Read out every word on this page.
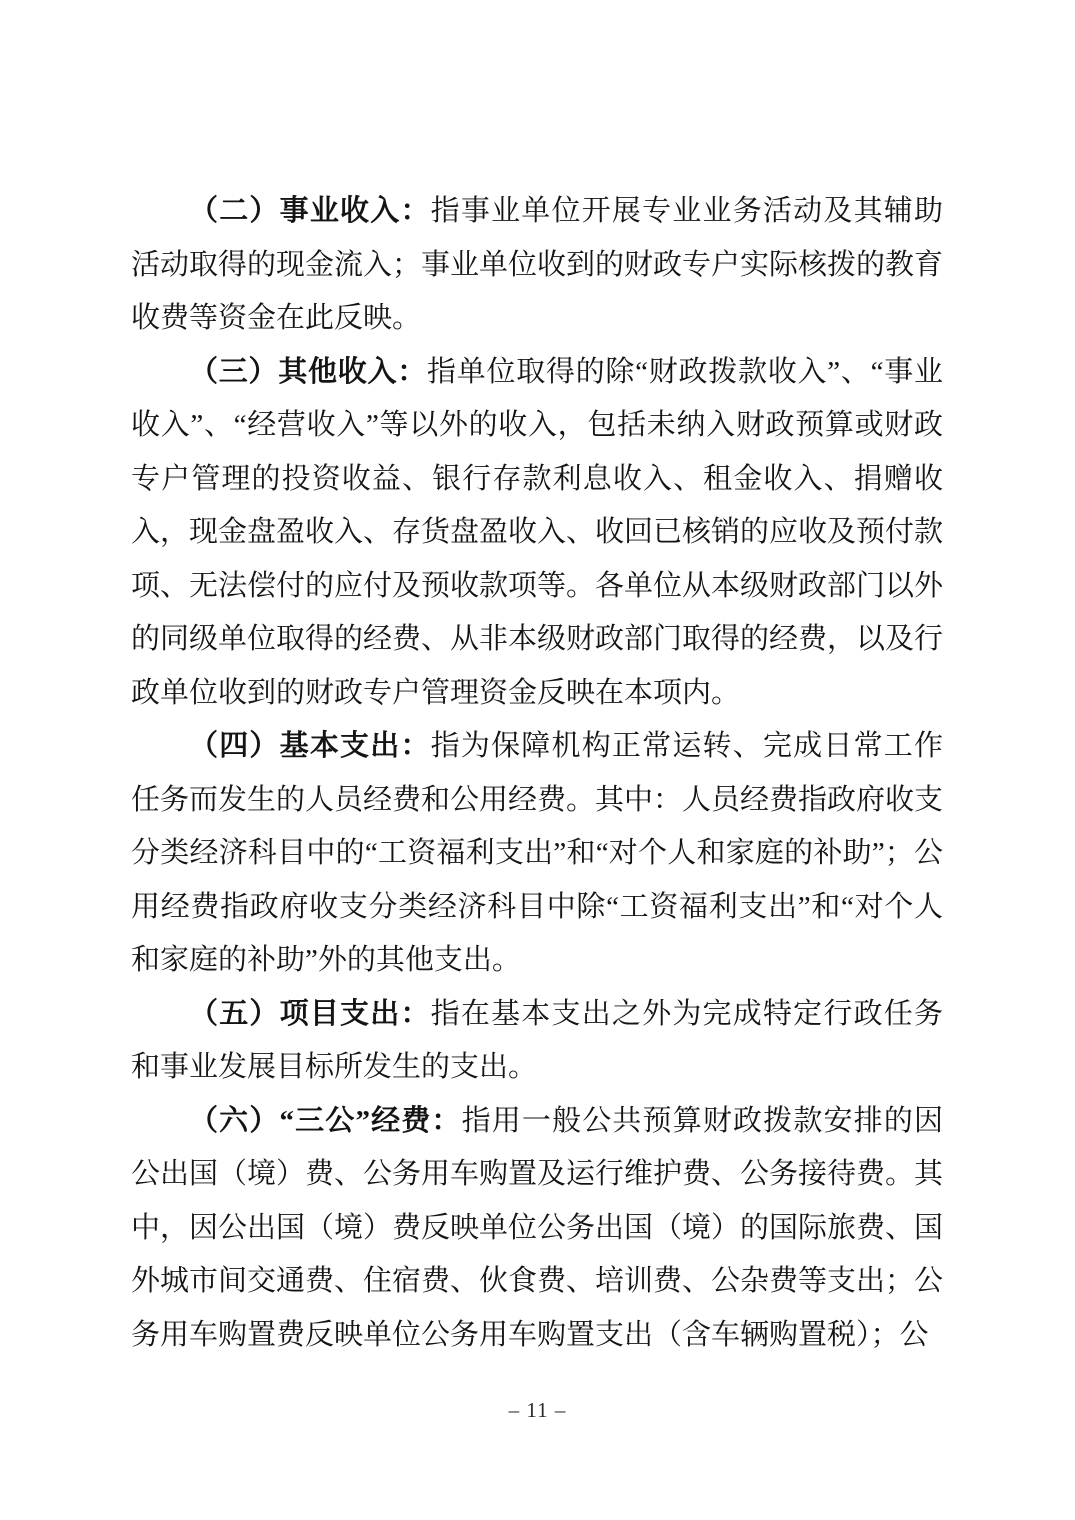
（二）事业收入：指事业单位开展专业业务活动及其辅助活动取得的现金流入；事业单位收到的财政专户实际核拨的教育收费等资金在此反映。

（三）其他收入：指单位取得的除“财政拨款收入”、“事业收入”、“经营收入”等以外的收入，包括未纳入财政预算或财政专户管理的投资收益、银行存款利息收入、租金收入、捐赠收入，现金盘盈收入、存货盘盈收入、收回已核销的应收及预付款项、无法偿付的应付及预收款项等。各单位从本级财政部门以外的同级单位取得的经费、从非本级财政部门取得的经费，以及行政单位收到的财政专户管理资金反映在本项内。

（四）基本支出：指为保障机构正常运转、完成日常工作任务而发生的人员经费和公用经费。其中：人员经费指政府收支分类经济科目中的“工资福利支出”和“对个人和家庭的补助”；公用经费指政府收支分类经济科目中除“工资福利支出”和“对个人和家庭的补助”外的其他支出。

（五）项目支出：指在基本支出之外为完成特定行政任务和事业发展目标所发生的支出。

（六）“三公”经费：指用一般公共预算财政拨款安排的因公出国（境）费、公务用车购置及运行维护费、公务接待费。其中，因公出国（境）费反映单位公务出国（境）的国际旅费、国外城市间交通费、住宿费、伙食费、培训费、公杂费等支出；公务用车购置费反映单位公务用车购置支出（含车辆购置税）；公

– 11 –
